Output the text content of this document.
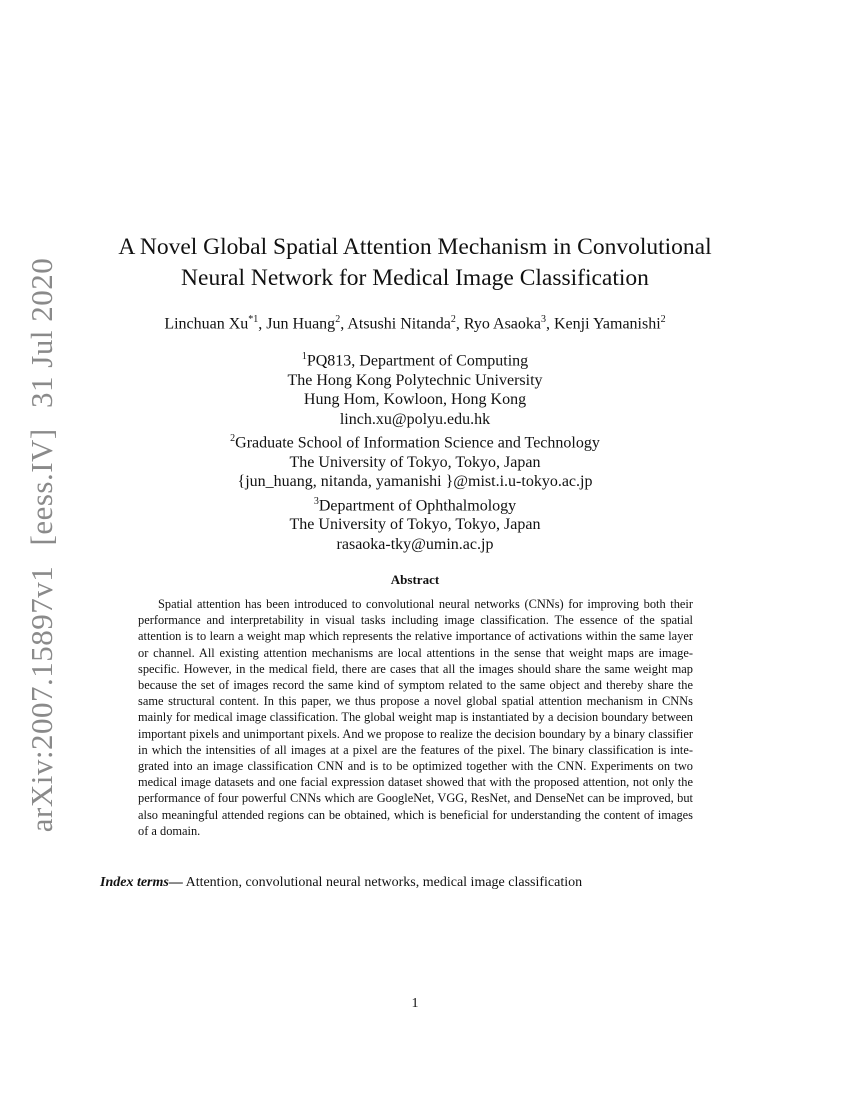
arXiv:2007.15897v1 [eess.IV] 31 Jul 2020
A Novel Global Spatial Attention Mechanism in Convolutional
Neural Network for Medical Image Classification
Linchuan Xu$^{*1}$, Jun Huang$^2$, Atsushi Nitanda$^2$, Ryo Asaoka$^3$, Kenji Yamanishi$^2$
$^1$PQ813, Department of Computing
The Hong Kong Polytechnic University
Hung Hom, Kowloon, Hong Kong
linch.xu@polyu.edu.hk
$^2$Graduate School of Information Science and Technology
The University of Tokyo, Tokyo, Japan
{jun_huang, nitanda, yamanishi }@mist.i.u-tokyo.ac.jp
$^3$Department of Ophthalmology
The University of Tokyo, Tokyo, Japan
rasaoka-tky@umin.ac.jp
Abstract
Spatial attention has been introduced to convolutional neural networks (CNNs) for improving both their performance and interpretability in visual tasks including image classification. The essence of the spatial attention is to learn a weight map which represents the relative importance of activations within the same layer or channel. All existing attention mechanisms are local attentions in the sense that weight maps are image-specific. However, in the medical field, there are cases that all the images should share the same weight map because the set of images record the same kind of symptom related to the same object and thereby share the same structural content. In this paper, we thus propose a novel global spatial attention mechanism in CNNs mainly for medical image classification. The global weight map is instantiated by a decision boundary between important pixels and unimportant pixels. And we propose to realize the decision boundary by a binary classifier in which the intensities of all images at a pixel are the features of the pixel. The binary classification is integrated into an image classification CNN and is to be optimized together with the CNN. Experiments on two medical image datasets and one facial expression dataset showed that with the proposed attention, not only the performance of four powerful CNNs which are GoogleNet, VGG, ResNet, and DenseNet can be improved, but also meaningful attended regions can be obtained, which is beneficial for understanding the content of images of a domain.
Index terms— Attention, convolutional neural networks, medical image classification
1
